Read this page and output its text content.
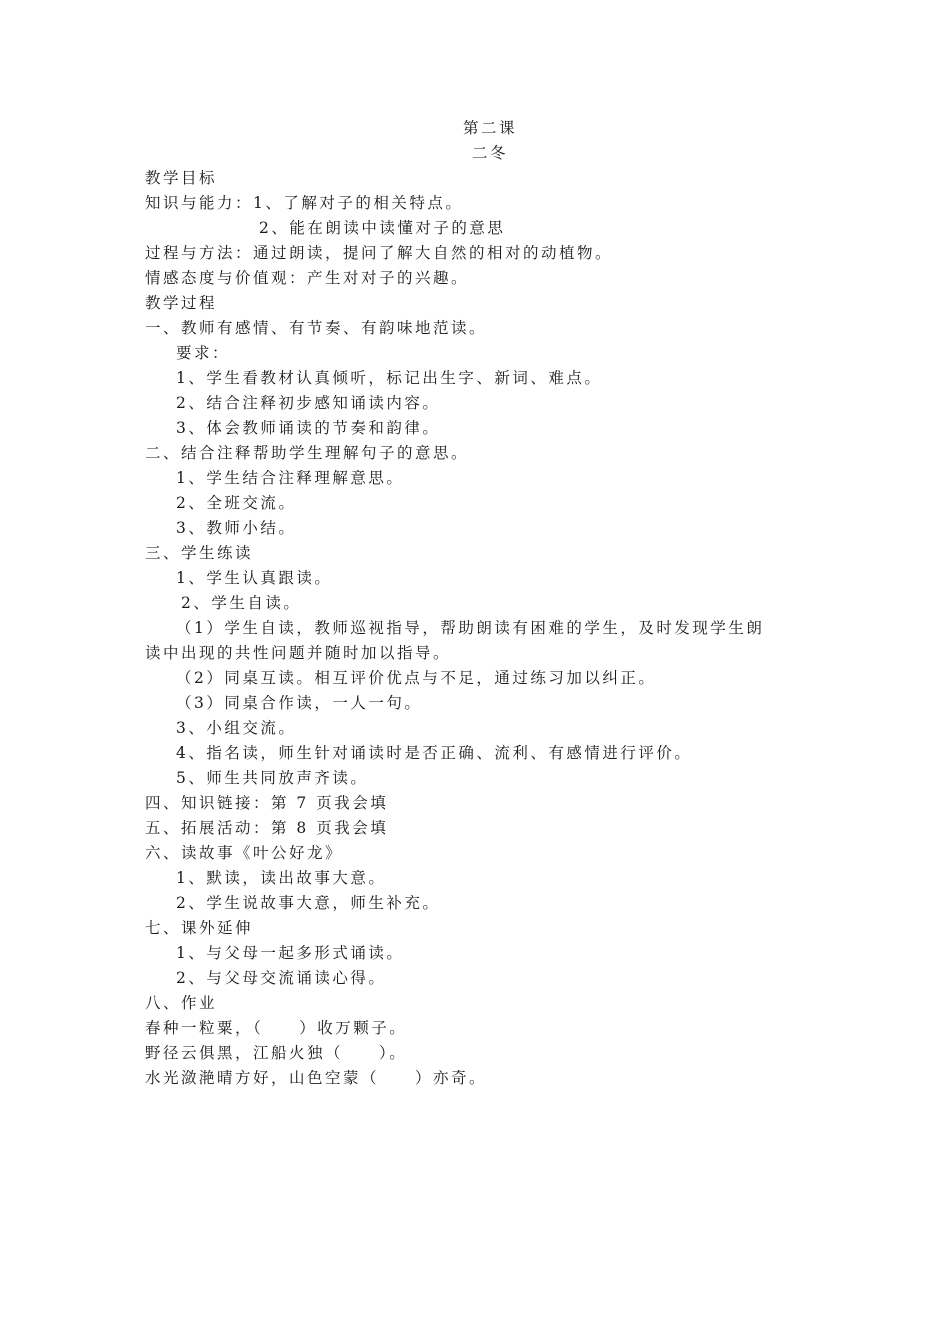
第二课
二冬
教学目标
知识与能力：1、了解对子的相关特点。
2、能在朗读中读懂对子的意思
过程与方法：通过朗读，提问了解大自然的相对的动植物。
情感态度与价值观：产生对对子的兴趣。
教学过程
一、教师有感情、有节奏、有韵味地范读。
要求：
1、学生看教材认真倾听，标记出生字、新词、难点。
2、结合注释初步感知诵读内容。
3、体会教师诵读的节奏和韵律。
二、结合注释帮助学生理解句子的意思。
1、学生结合注释理解意思。
2、全班交流。
3、教师小结。
三、学生练读
1、学生认真跟读。
2、学生自读。
（1）学生自读，教师巡视指导，帮助朗读有困难的学生，及时发现学生朗
读中出现的共性问题并随时加以指导。
（2）同桌互读。相互评价优点与不足，通过练习加以纠正。
（3）同桌合作读，一人一句。
3、小组交流。
4、指名读，师生针对诵读时是否正确、流利、有感情进行评价。
5、师生共同放声齐读。
四、知识链接：第 7 页我会填
五、拓展活动：第 8 页我会填
六、读故事《叶公好龙》
1、默读，读出故事大意。
2、学生说故事大意，师生补充。
七、课外延伸
1、与父母一起多形式诵读。
2、与父母交流诵读心得。
八、作业
春种一粒粟，（　　）收万颗子。
野径云俱黑，江船火独（　　）。
水光潋滟晴方好，山色空蒙（　　）亦奇。
